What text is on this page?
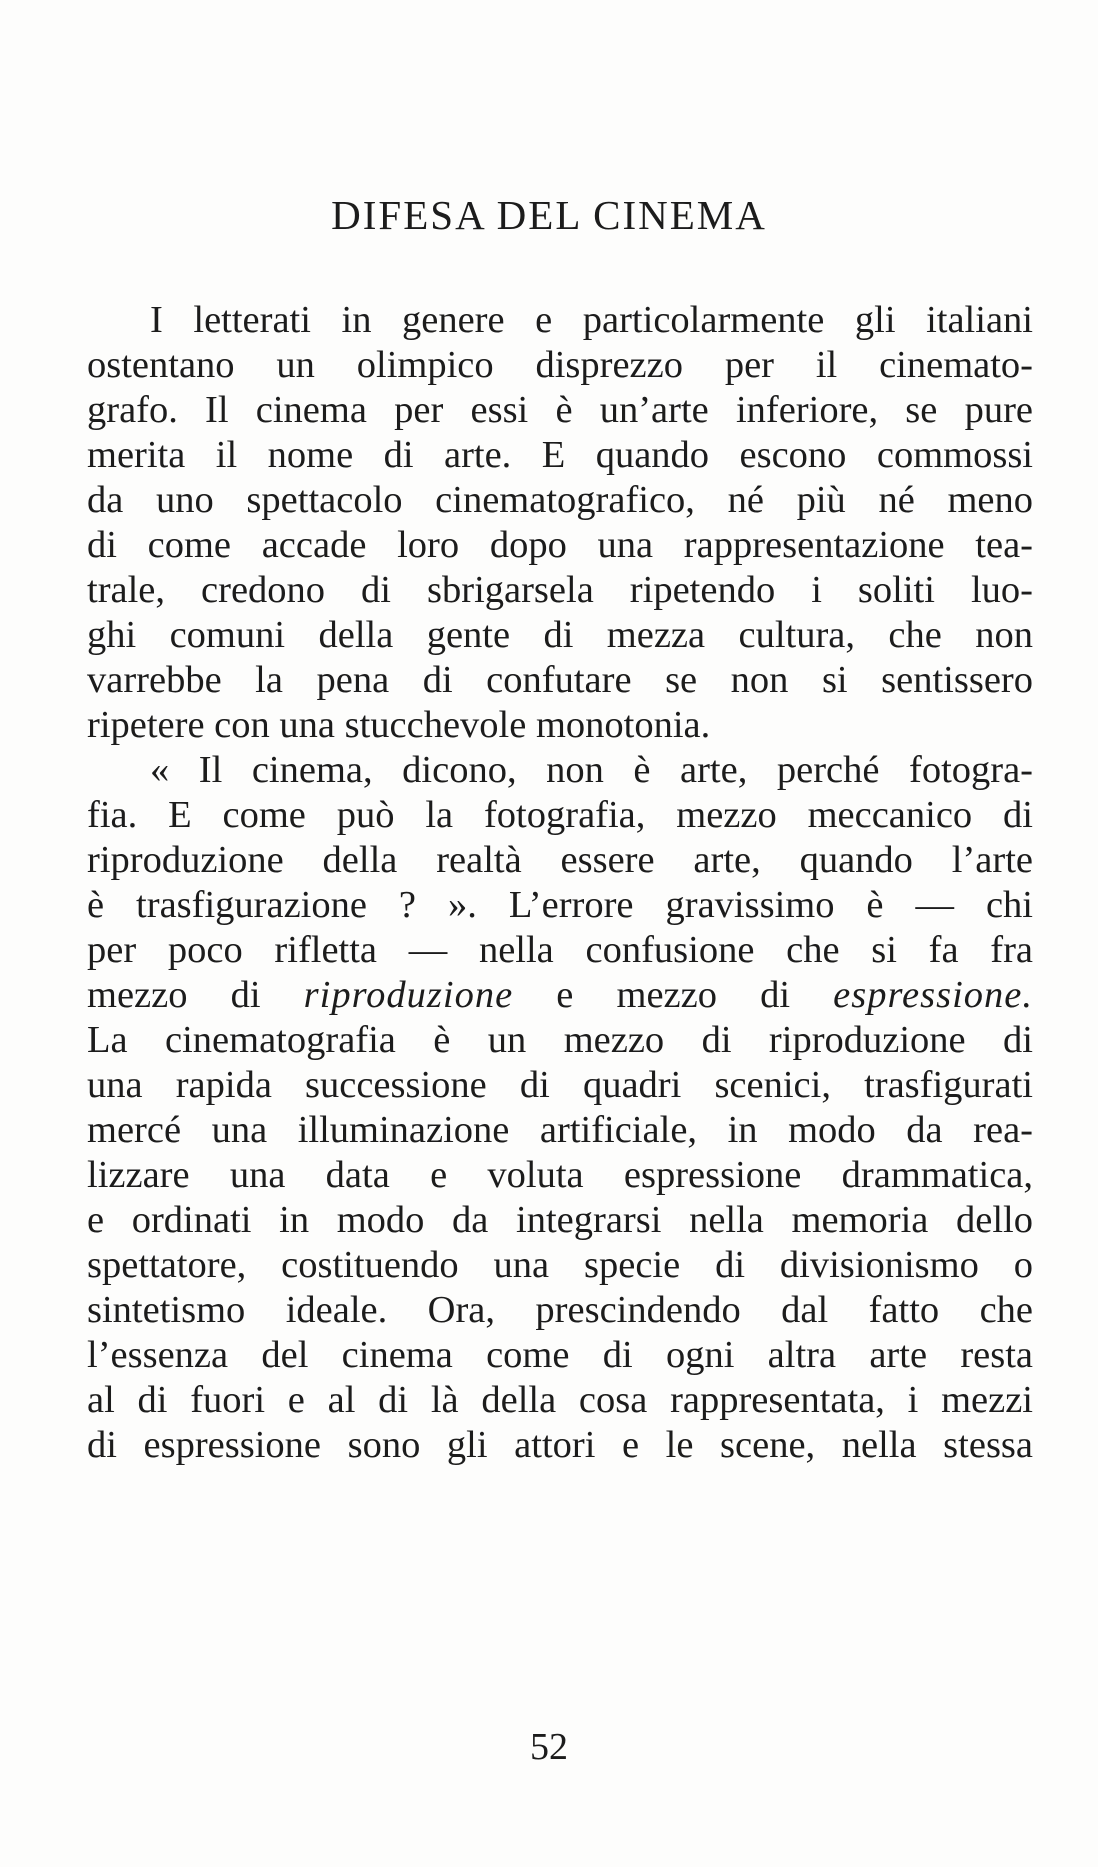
DIFESA DEL CINEMA
I letterati in genere e particolarmente gli italiani
ostentano un olimpico disprezzo per il cinemato-
grafo. Il cinema per essi è un’arte inferiore, se pure
merita il nome di arte. E quando escono commossi
da uno spettacolo cinematografico, né più né meno
di come accade loro dopo una rappresentazione tea-
trale, credono di sbrigarsela ripetendo i soliti luo-
ghi comuni della gente di mezza cultura, che non
varrebbe la pena di confutare se non si sentissero
ripetere con una stucchevole monotonia.
« Il cinema, dicono, non è arte, perché fotogra-
fia. E come può la fotografia, mezzo meccanico di
riproduzione della realtà essere arte, quando l’arte
è trasfigurazione ? ». L’errore gravissimo è — chi
per poco rifletta — nella confusione che si fa fra
mezzo di riproduzione e mezzo di espressione.
La cinematografia è un mezzo di riproduzione di
una rapida successione di quadri scenici, trasfigurati
mercé una illuminazione artificiale, in modo da rea-
lizzare una data e voluta espressione drammatica,
e ordinati in modo da integrarsi nella memoria dello
spettatore, costituendo una specie di divisionismo o
sintetismo ideale. Ora, prescindendo dal fatto che
l’essenza del cinema come di ogni altra arte resta
al di fuori e al di là della cosa rappresentata, i mezzi
di espressione sono gli attori e le scene, nella stessa
52
